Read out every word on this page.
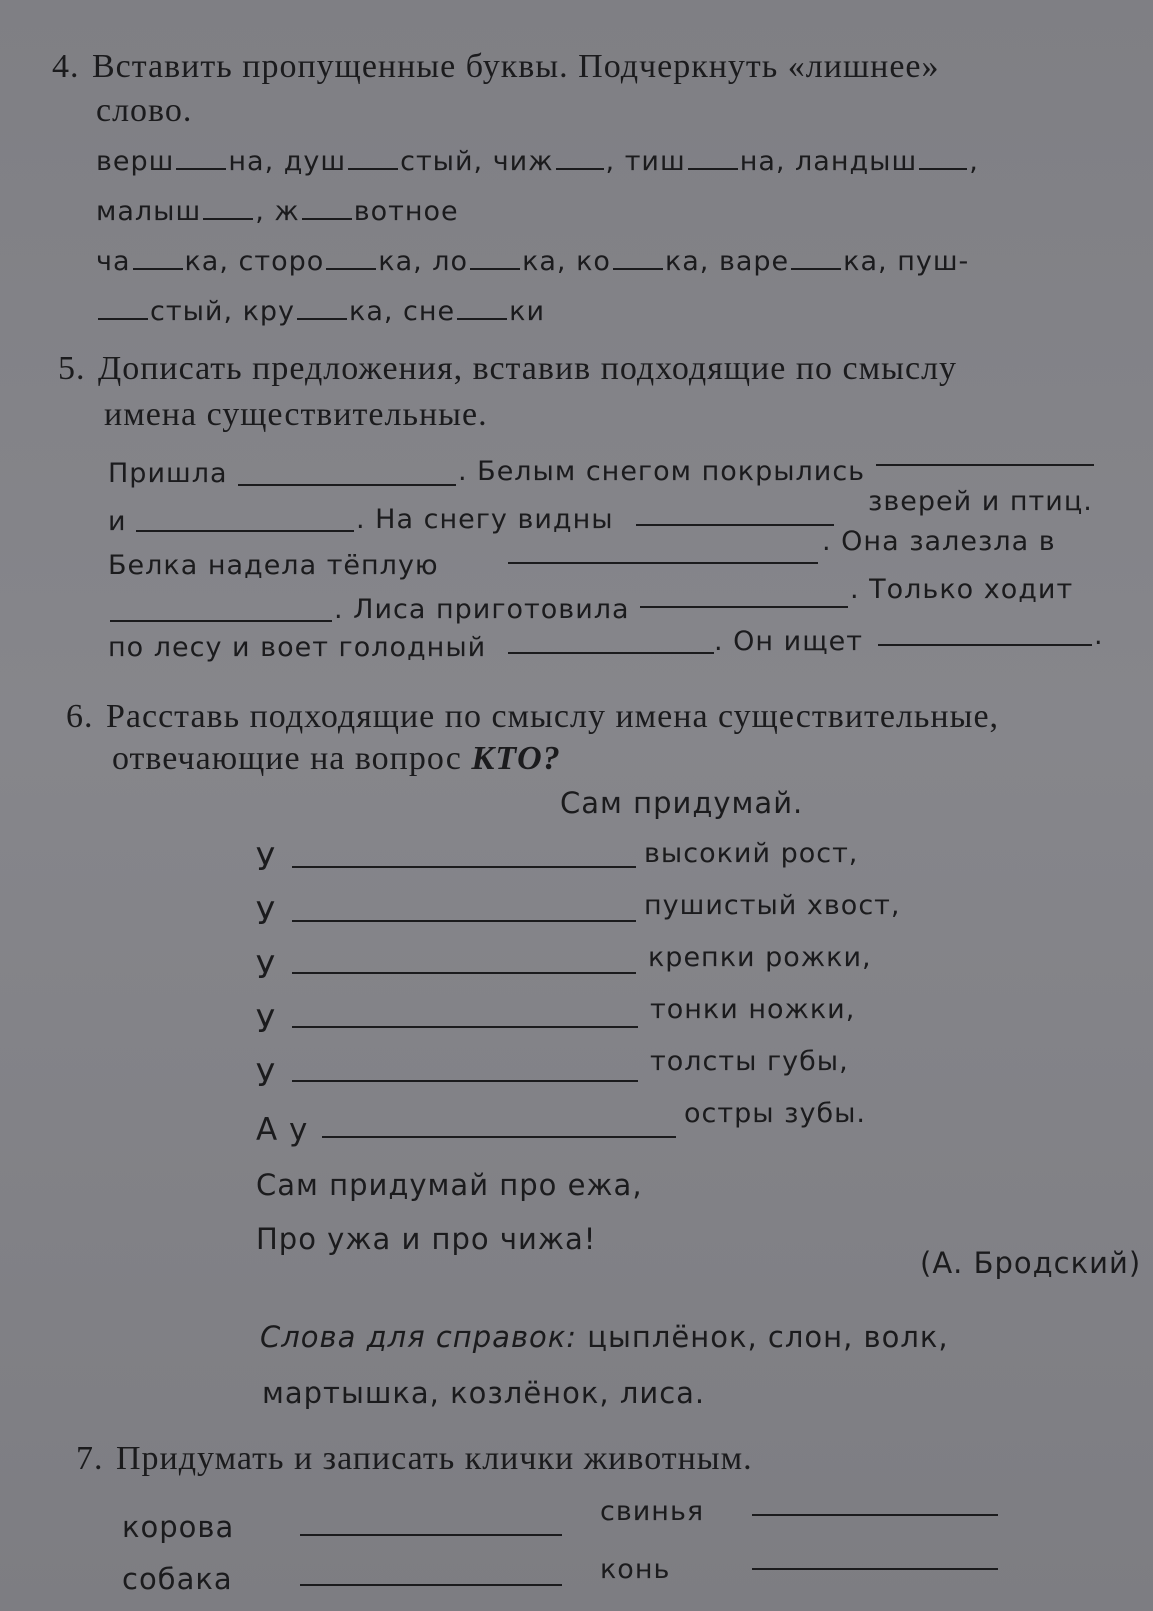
4. Вставить пропущенные буквы. Подчеркнуть «лишнее»
слово.
верш на, душ стый, чиж , тиш на, ландыш ,
малыш , ж вотное
ча ка, сторо ка, ло ка, ко ка, варе ка, пуш-
стый, кру ка, сне ки
5. Дописать предложения, вставив подходящие по смыслу
имена существительные.
Пришла	. Белым снегом покрылись
и	. На снегу видны
зверей и птиц.
Белка надела тёплую
. Она залезла в
. Лиса приготовила
. Только ходит
по лесу и воет голодный	. Он ищет	.
6. Расставь подходящие по смыслу имена существительные,
отвечающие на вопрос КТО?
Сам придумай.
У	высокий рост,
У	пушистый хвост,
У	крепки рожки,
У	тонки ножки,
У	толсты губы,
А у	остры зубы.
Сам придумай про ежа,
Про ужа и про чижа!
(А. Бродский)
Слова для справок: цыплёнок, слон, волк,
мартышка, козлёнок, лиса.
7. Придумать и записать клички животным.
корова	свинья
собака	конь
